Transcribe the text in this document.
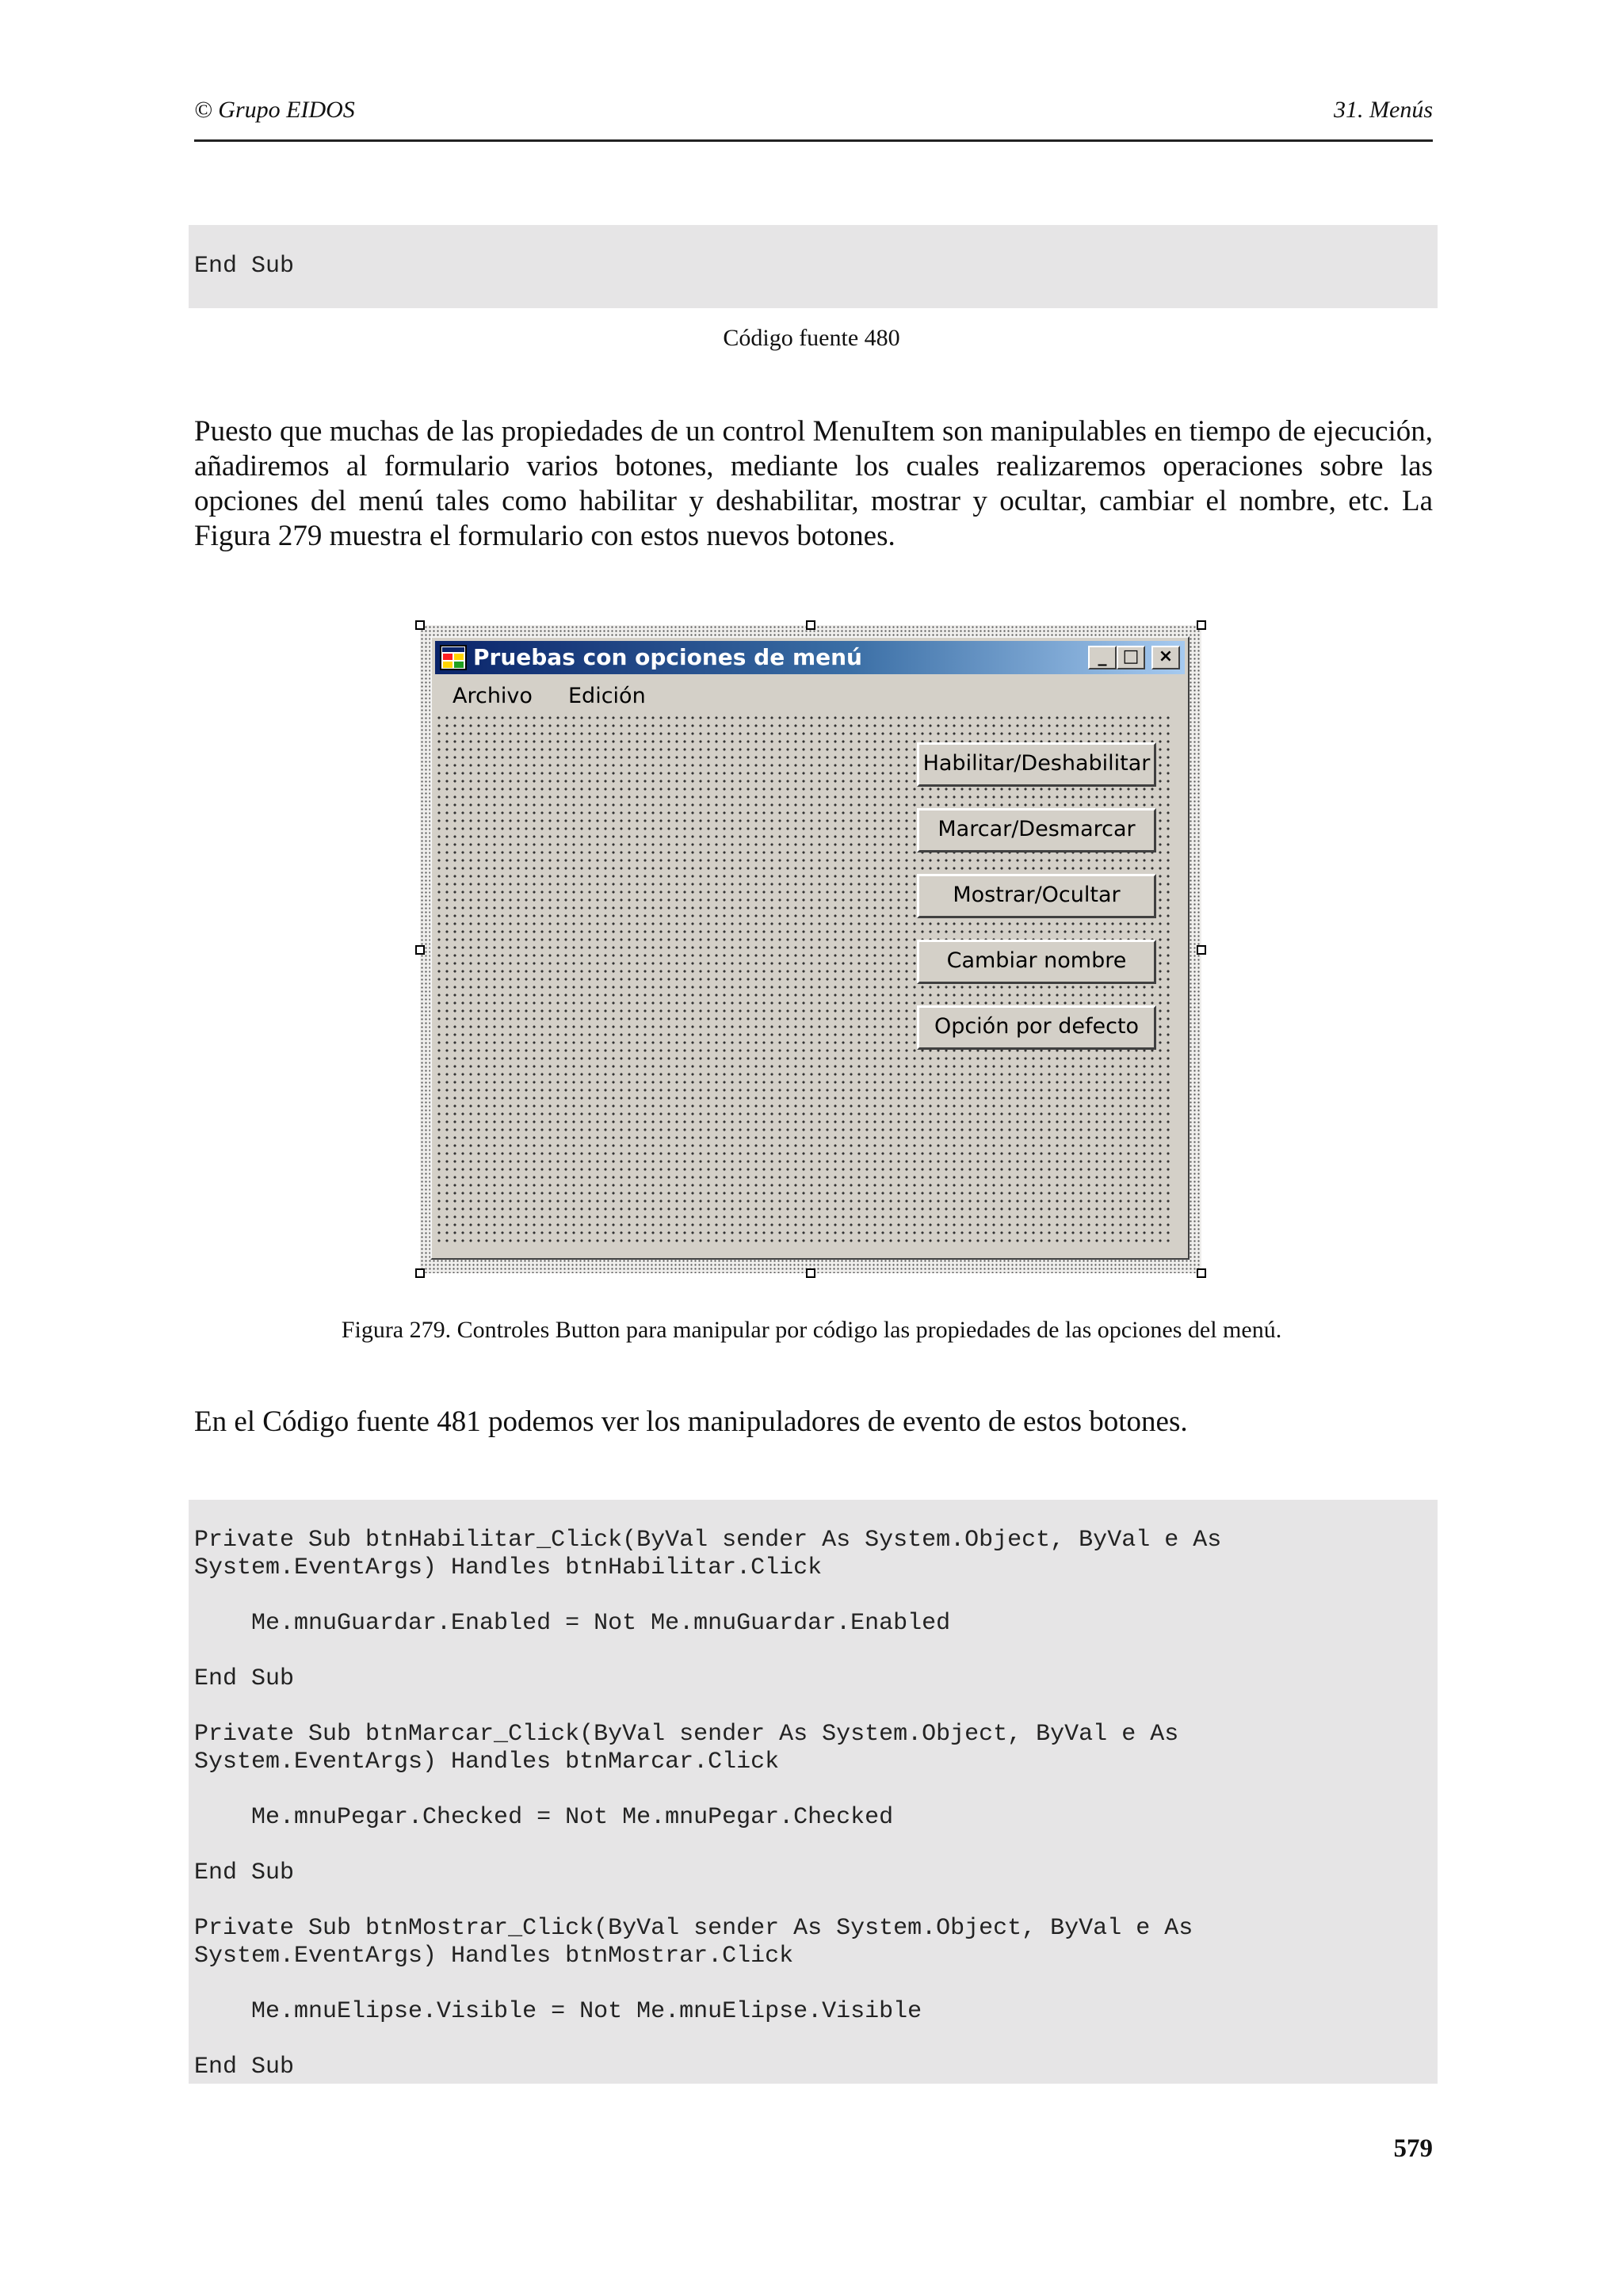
© Grupo EIDOS	31. Menús
End Sub
Código fuente 480

Puesto que muchas de las propiedades de un control MenuItem son manipulables en tiempo de ejecución, añadiremos al formulario varios botones, mediante los cuales realizaremos operaciones sobre las opciones del menú tales como habilitar y deshabilitar, mostrar y ocultar, cambiar el nombre, etc. La Figura 279 muestra el formulario con estos nuevos botones.

Pruebas con opciones de menú	_ □	×
Archivo Edición
Habilitar/Deshabilitar
Marcar/Desmarcar
Mostrar/Ocultar
Cambiar nombre
Opción por defecto
Figura 279. Controles Button para manipular por código las propiedades de las opciones del menú.

En el Código fuente 481 podemos ver los manipuladores de evento de estos botones.

Private Sub btnHabilitar_Click(ByVal sender As System.Object, ByVal e As
System.EventArgs) Handles btnHabilitar.Click

Me.mnuGuardar.Enabled = Not Me.mnuGuardar.Enabled

End Sub

Private Sub btnMarcar_Click(ByVal sender As System.Object, ByVal e As
System.EventArgs) Handles btnMarcar.Click

Me.mnuPegar.Checked = Not Me.mnuPegar.Checked

End Sub

Private Sub btnMostrar_Click(ByVal sender As System.Object, ByVal e As
System.EventArgs) Handles btnMostrar.Click

Me.mnuElipse.Visible = Not Me.mnuElipse.Visible

End Sub
579
